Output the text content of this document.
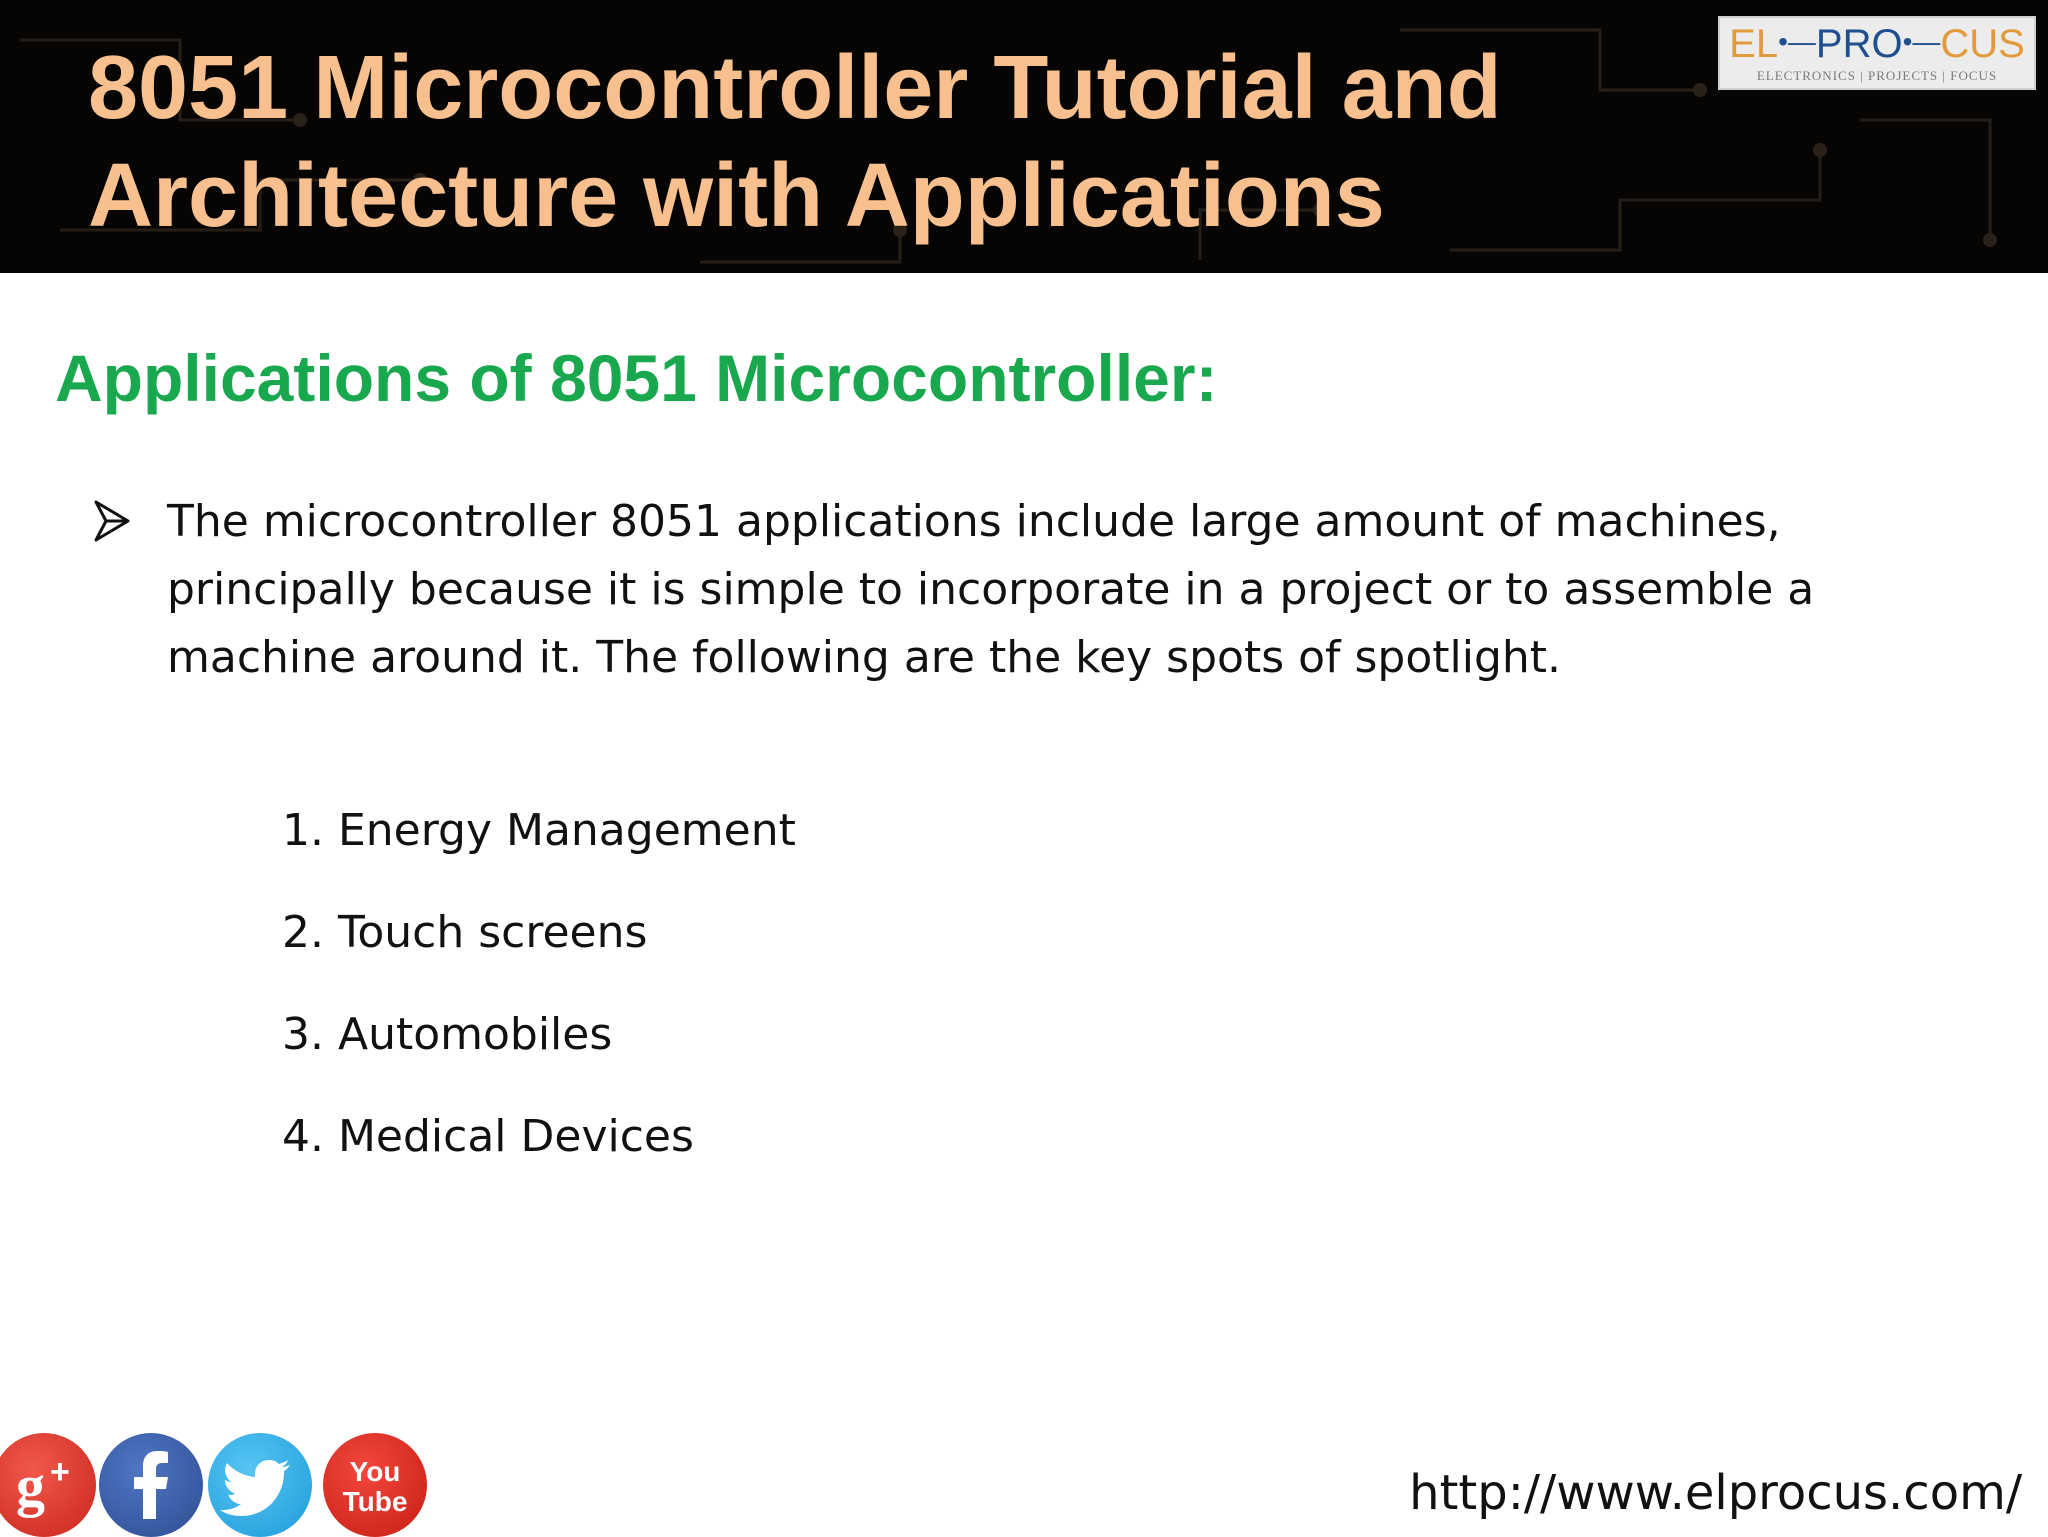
8051 Microcontroller Tutorial and
Architecture with Applications
EL•—PRO•—CUS
ELECTRONICS | PROJECTS | FOCUS
Applications of 8051 Microcontroller:

The microcontroller 8051 applications include large amount of machines, principally because it is simple to incorporate in a project or to assemble a machine around it. The following are the key spots of spotlight.

1. Energy Management
2. Touch screens
3. Automobiles
4. Medical Devices
g +	You
Tube	http://www.elprocus.com/
